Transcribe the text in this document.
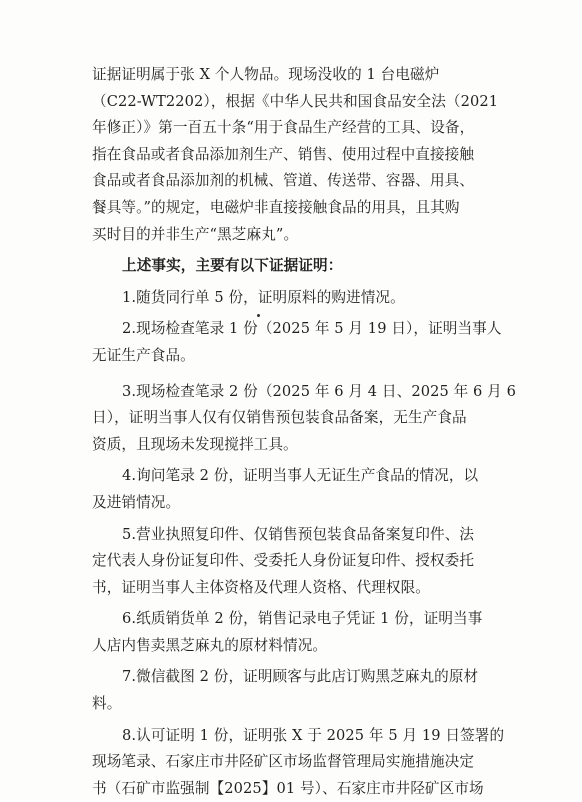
证据证明属于张 X 个人物品。现场没收的 1 台电磁炉
（C22-WT2202），根据《中华人民共和国食品安全法（2021
年修正）》第一百五十条“用于食品生产经营的工具、设备，
指在食品或者食品添加剂生产、销售、使用过程中直接接触
食品或者食品添加剂的机械、管道、传送带、容器、用具、
餐具等。”的规定，电磁炉非直接接触食品的用具，且其购
买时目的并非生产“黑芝麻丸”。
上述事实，主要有以下证据证明：
1.随货同行单 5 份，证明原料的购进情况。
2.现场检查笔录 1 份（2025 年 5 月 19 日），证明当事人
无证生产食品。
3.现场检查笔录 2 份（2025 年 6 月 4 日、2025 年 6 月 6
日），证明当事人仅有仅销售预包装食品备案，无生产食品
资质，且现场未发现搅拌工具。
4.询问笔录 2 份，证明当事人无证生产食品的情况，以
及进销情况。
5.营业执照复印件、仅销售预包装食品备案复印件、法
定代表人身份证复印件、受委托人身份证复印件、授权委托
书，证明当事人主体资格及代理人资格、代理权限。
6.纸质销货单 2 份，销售记录电子凭证 1 份，证明当事
人店内售卖黑芝麻丸的原材料情况。
7.微信截图 2 份，证明顾客与此店订购黑芝麻丸的原材
料。
8.认可证明 1 份，证明张 X 于 2025 年 5 月 19 日签署的
现场笔录、石家庄市井陉矿区市场监督管理局实施措施决定
书（石矿市监强制【2025】01 号）、石家庄市井陉矿区市场
